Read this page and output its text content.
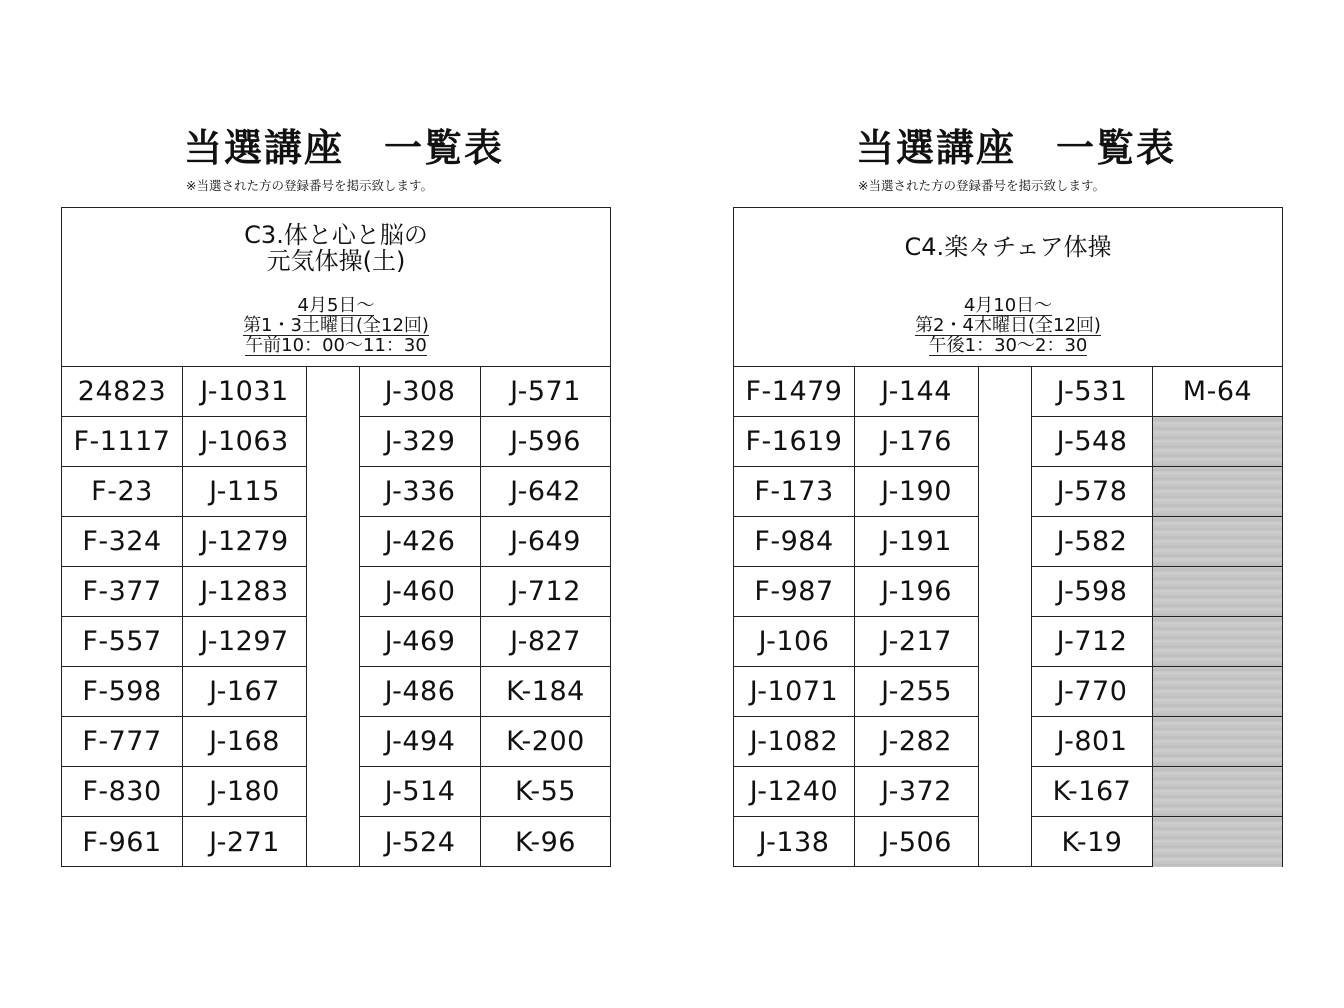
当選講座　一覧表
※当選された方の登録番号を掲示致します。
C3.体と心と脳の
元気体操(土)
4月5日～
第1・3土曜日(全12回)
午前10：00～11：30
24823	J-1031	J-308	J-571
F-1117	J-1063	J-329	J-596
F-23	J-115	J-336	J-642
F-324	J-1279	J-426	J-649
F-377	J-1283	J-460	J-712
F-557	J-1297	J-469	J-827
F-598	J-167	J-486	K-184
F-777	J-168	J-494	K-200
F-830	J-180	J-514	K-55
F-961	J-271	J-524	K-96
当選講座　一覧表
※当選された方の登録番号を掲示致します。
C4.楽々チェア体操
4月10日～
第2・4木曜日(全12回)
午後1：30～2：30
F-1479	J-144	J-531	M-64
F-1619	J-176	J-548
F-173	J-190	J-578
F-984	J-191	J-582
F-987	J-196	J-598
J-106	J-217	J-712
J-1071	J-255	J-770
J-1082	J-282	J-801
J-1240	J-372	K-167
J-138	J-506	K-19
